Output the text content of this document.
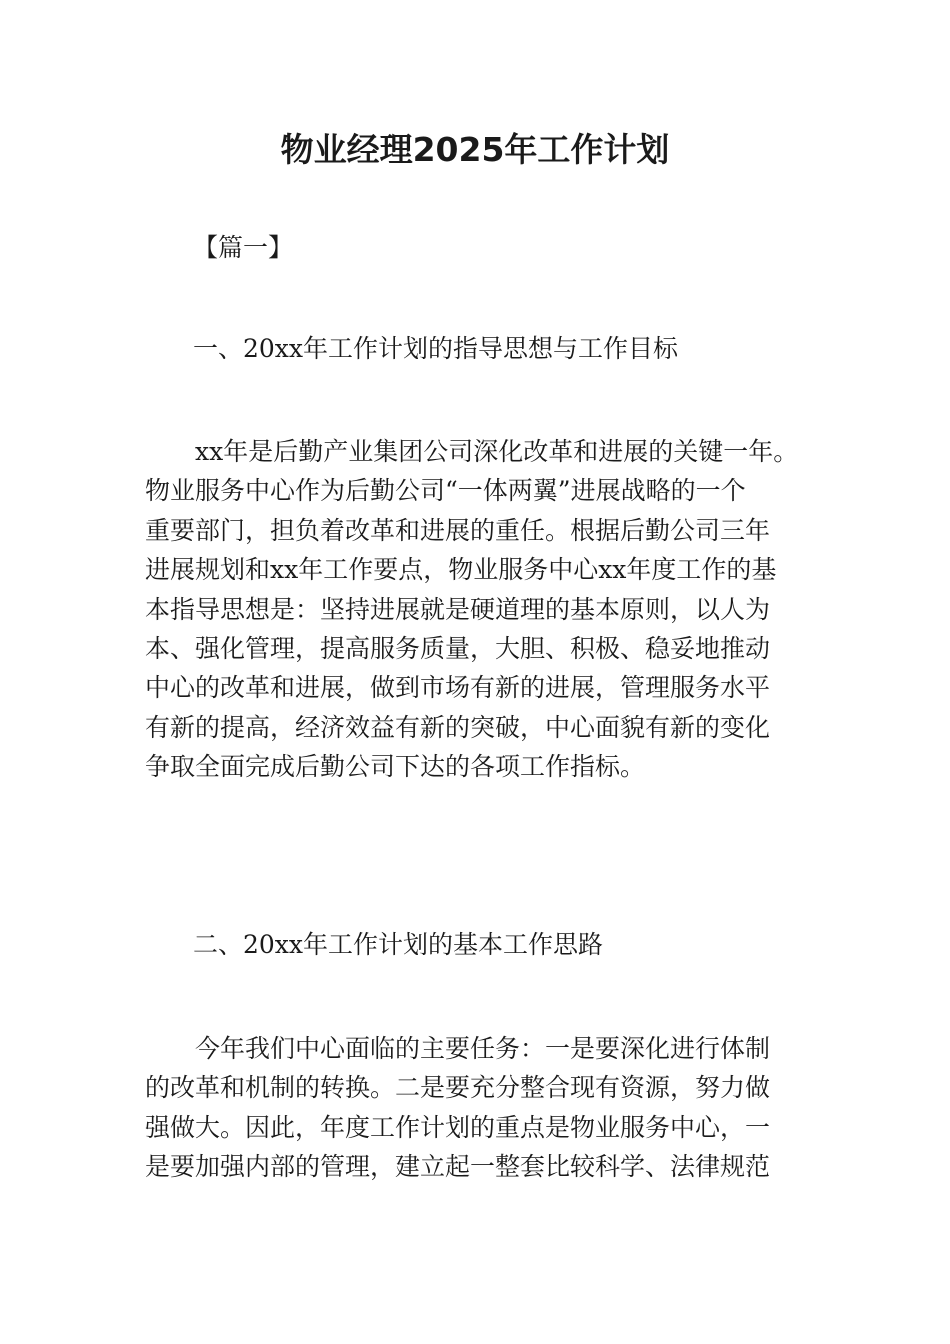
物业经理2025年工作计划

【篇一】

一、20xx年工作计划的指导思想与工作目标

　　xx年是后勤产业集团公司深化改革和进展的关键一年。
物业服务中心作为后勤公司“一体两翼”进展战略的一个
重要部门，担负着改革和进展的重任。根据后勤公司三年
进展规划和xx年工作要点，物业服务中心xx年度工作的基
本指导思想是：坚持进展就是硬道理的基本原则，以人为
本、强化管理，提高服务质量，大胆、积极、稳妥地推动
中心的改革和进展，做到市场有新的进展，管理服务水平
有新的提高，经济效益有新的突破，中心面貌有新的变化
争取全面完成后勤公司下达的各项工作指标。

二、20xx年工作计划的基本工作思路

　　今年我们中心面临的主要任务：一是要深化进行体制
的改革和机制的转换。二是要充分整合现有资源，努力做
强做大。因此，年度工作计划的重点是物业服务中心，一
是要加强内部的管理，建立起一整套比较科学、法律规范
